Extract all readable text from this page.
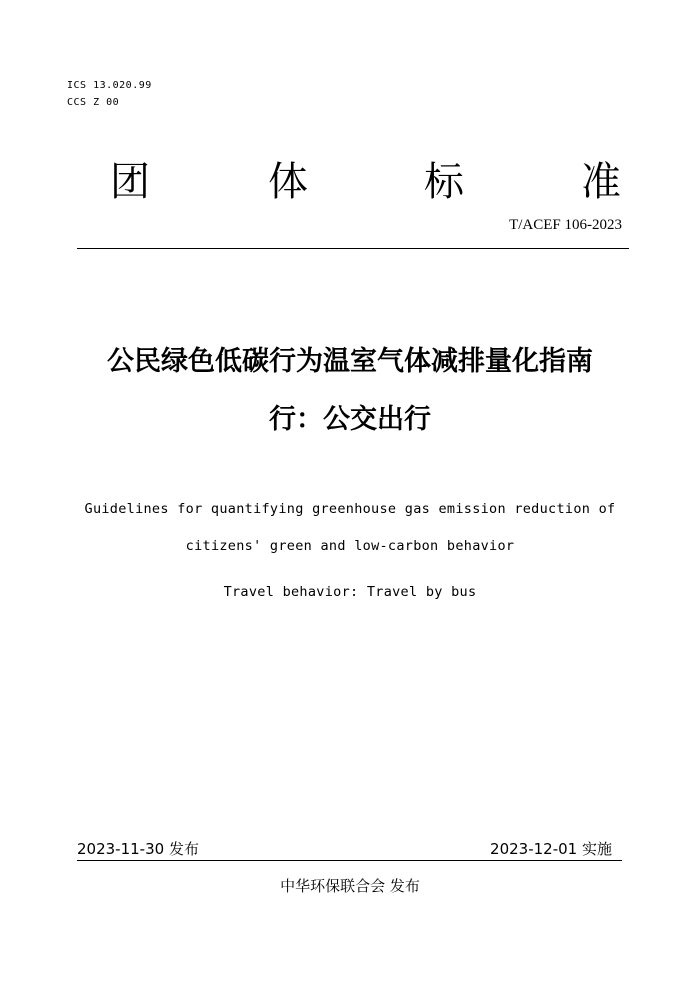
ICS 13.020.99
CCS Z 00
团	体	标	准
T/ACEF 106-2023
公民绿色低碳行为温室气体减排量化指南
行：公交出行
Guidelines for quantifying greenhouse gas emission reduction of
citizens' green and low-carbon behavior
Travel behavior: Travel by bus
2023-11-30 发布	2023-12-01 实施
中华环保联合会 发布
